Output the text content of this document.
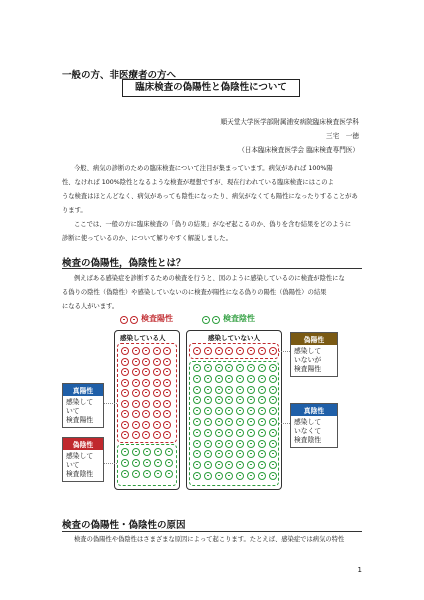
一般の方、非医療者の方へ
臨床検査の偽陽性と偽陰性について
順天堂大学医学部附属浦安病院臨床検査医学科
三宅　一徳
（日本臨床検査医学会 臨床検査専門医）

今般、病気の診断のための臨床検査について注目が集まっています。病気があれば 100%陽
性、なければ 100%陰性となるような検査が理想ですが、現在行われている臨床検査にはこのよ
うな検査はほとんどなく、病気があっても陰性になったり、病気がなくても陽性になったりすることがあ
ります。

ここでは、一般の方に臨床検査の「偽りの結果」がなぜ起こるのか、偽りを含む結果をどのように
診断に使っているのか、について解りやすく解説しました。

検査の偽陽性，偽陰性とは？

例えばある感染症を診断するための検査を行うと、図のように感染しているのに検査が陰性にな
る偽りの陰性（偽陰性）や感染していないのに検査が陽性になる偽りの陽性（偽陽性）の結果
になる人がいます。

検査陽性	検査陰性
感染している人	感染していない人
真陽性
感染して
いて
検査陽性
偽陰性
感染して
いて
検査陰性
偽陽性
感染して
いないが
検査陽性
真陰性
感染して
いなくて
検査陰性
検査の偽陽性・偽陰性の原因

検査の偽陽性や偽陰性はさまざまな原因によって起こります。たとえば、感染症では病気の特性

1
